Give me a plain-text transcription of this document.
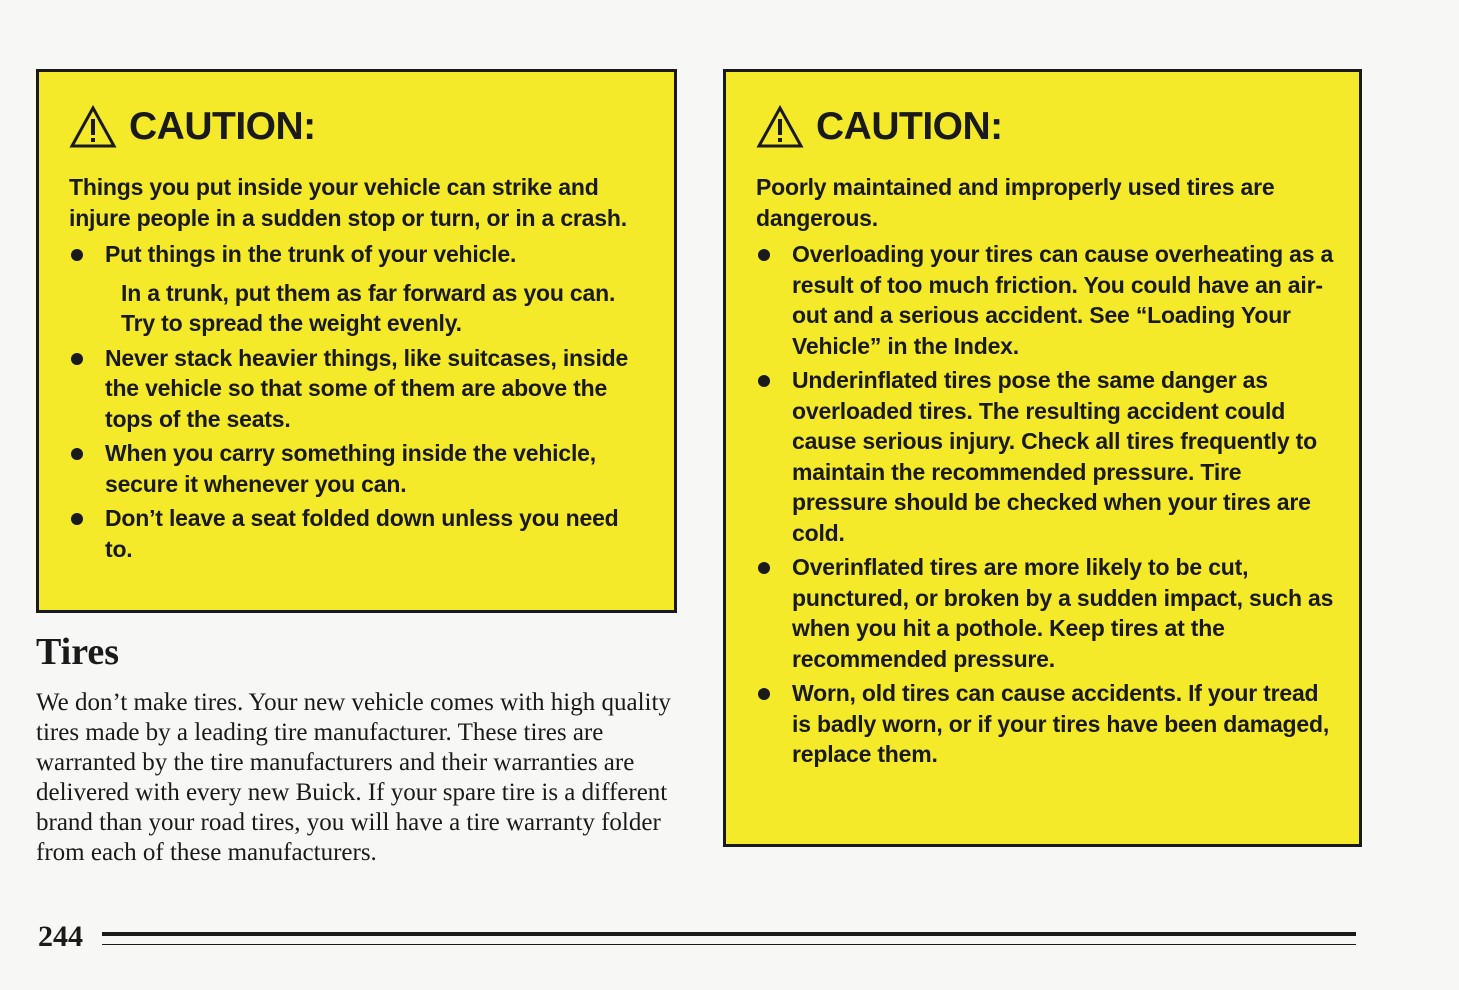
CAUTION:

Things you put inside your vehicle can strike and injure people in a sudden stop or turn, or in a crash.

Put things in the trunk of your vehicle.
In a trunk, put them as far forward as you can. Try to spread the weight evenly.
Never stack heavier things, like suitcases, inside the vehicle so that some of them are above the tops of the seats.
When you carry something inside the vehicle, secure it whenever you can.
Don’t leave a seat folded down unless you need to.
CAUTION:

Poorly maintained and improperly used tires are dangerous.

Overloading your tires can cause overheating as a result of too much friction. You could have an air-out and a serious accident. See “Loading Your Vehicle” in the Index.
Underinflated tires pose the same danger as overloaded tires. The resulting accident could cause serious injury. Check all tires frequently to maintain the recommended pressure. Tire pressure should be checked when your tires are cold.
Overinflated tires are more likely to be cut, punctured, or broken by a sudden impact, such as when you hit a pothole. Keep tires at the recommended pressure.
Worn, old tires can cause accidents. If your tread is badly worn, or if your tires have been damaged, replace them.
Tires

We don’t make tires. Your new vehicle comes with high quality tires made by a leading tire manufacturer. These tires are warranted by the tire manufacturers and their warranties are delivered with every new Buick. If your spare tire is a different brand than your road tires, you will have a tire warranty folder from each of these manufacturers.

244
